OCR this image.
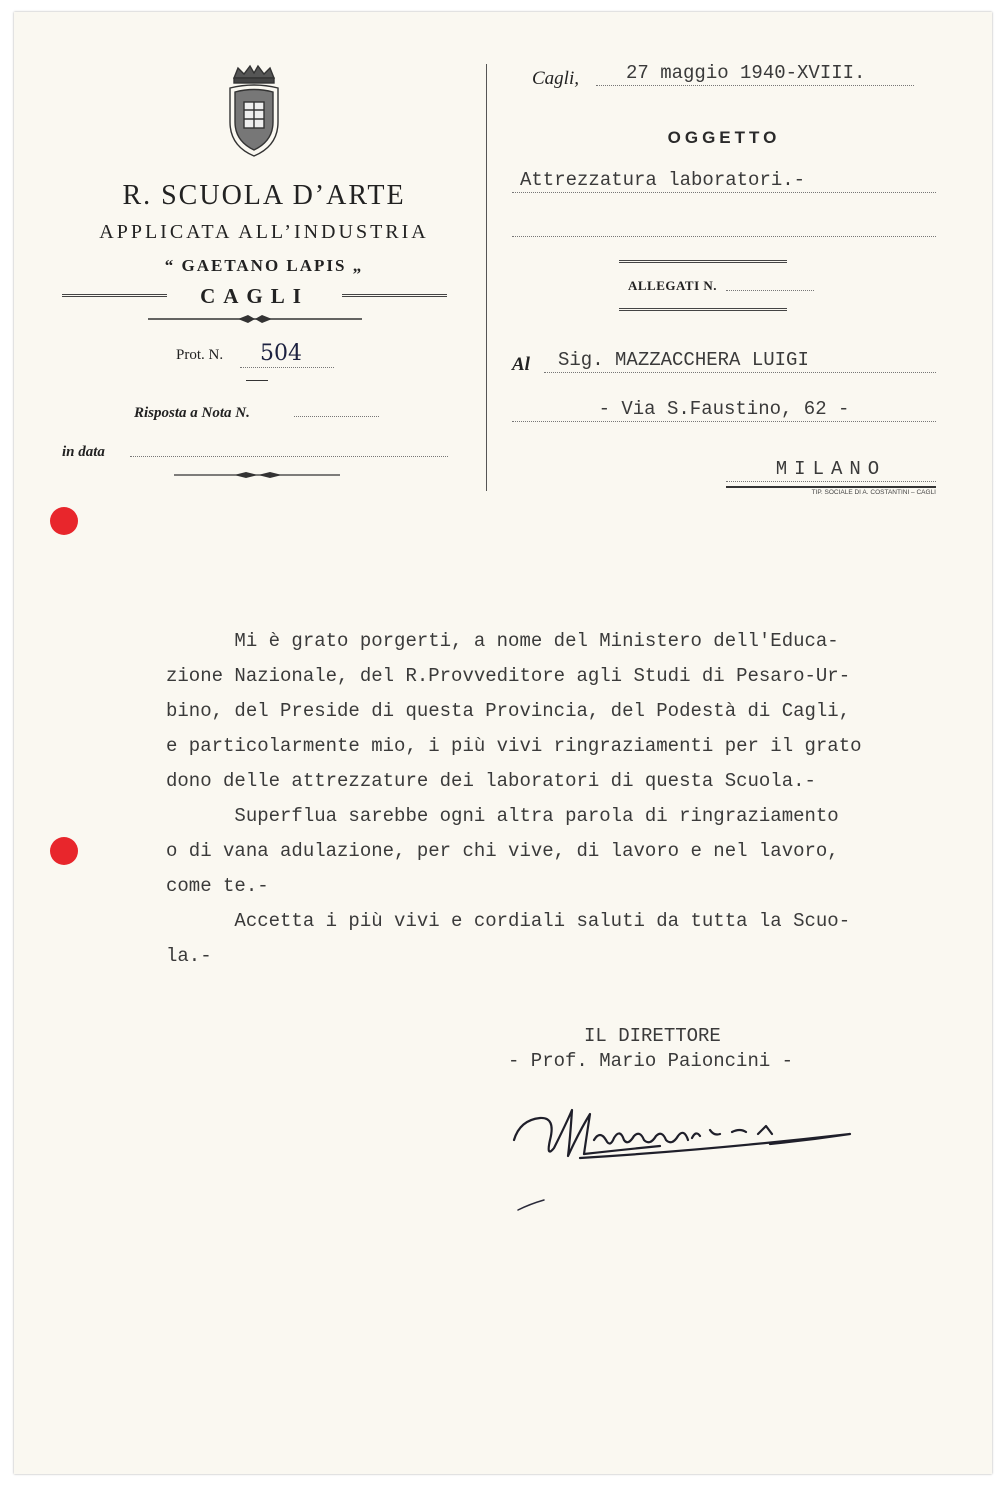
R. SCUOLA D’ARTE
APPLICATA ALL’INDUSTRIA
“ GAETANO LAPIS „
CAGLI
Prot. N.	504
Risposta a Nota N.
in data
Cagli,	27 maggio 1940-XVIII.
OGGETTO
Attrezzatura laboratori.-
ALLEGATI N.
Al	Sig. MAZZACCHERA LUIGI
- Via S.Faustino, 62 -
MILANO
TIP. SOCIALE DI A. COSTANTINI – CAGLI

Mi è grato porgerti, a nome del Ministero dell'Educa-

zione Nazionale, del R.Provveditore agli Studi di Pesaro-Ur-

bino, del Preside di questa Provincia, del Podestà di Cagli,

e particolarmente mio, i più vivi ringraziamenti per il grato

dono delle attrezzature dei laboratori di questa Scuola.-

Superflua sarebbe ogni altra parola di ringraziamento

o di vana adulazione, per chi vive, di lavoro e nel lavoro,

come te.-

Accetta i più vivi e cordiali saluti da tutta la Scuo-

la.-

IL DIRETTORE
- Prof. Mario Paioncini -
